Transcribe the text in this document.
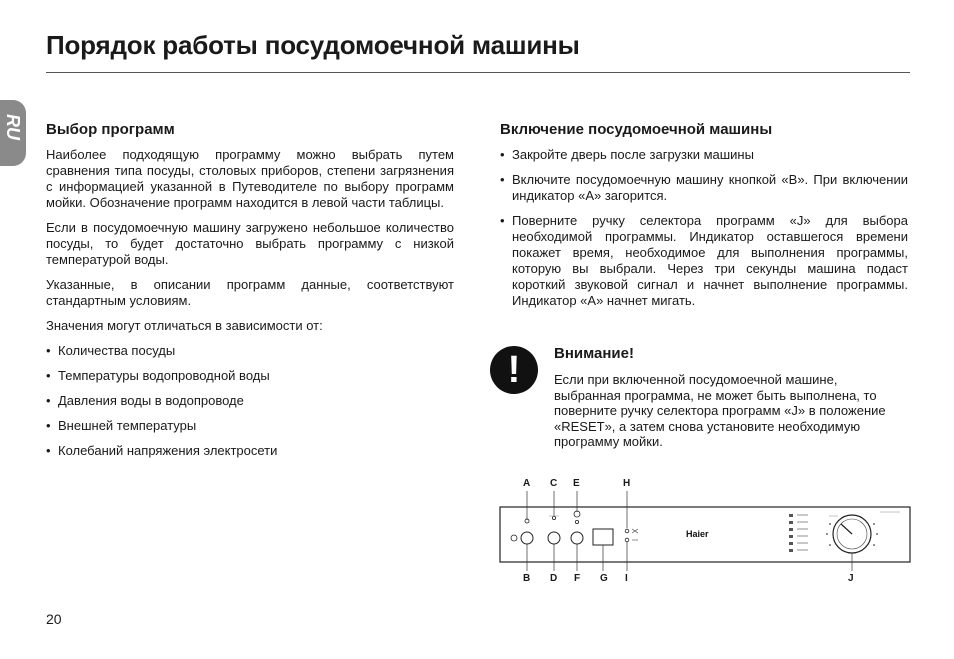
Порядок работы посудомоечной машины
RU Выбор программ

Наиболее подходящую программу можно выбрать путем сравнения типа посуды, столовых приборов, степени загрязнения с информацией указанной в Путеводителе по выбору программ мойки. Обозначение программ находится в левой части таблицы.

Если в посудомоечную машину загружено небольшое количество посуды, то будет достаточно выбрать программу с низкой температурой воды.

Указанные, в описании программ данные, соответствуют стандартным условиям.

Значения могут отличаться в зависимости от:

• Количества посуды

• Температуры водопроводной воды

• Давления воды в водопроводе

• Внешней температуры

• Колебаний напряжения электросети

Включение посудомоечной машины

• Закройте дверь после загрузки машины

• Включите посудомоечную машину кнопкой «B». При включении индикатор «A» загорится.

• Поверните ручку селектора программ «J» для выбора необходимой программы. Индикатор оставшегося времени покажет время, необходимое для выполнения программы, которую вы выбрали. Через три секунды машина подаст короткий звуковой сигнал и начнет выполнение программы. Индикатор «A» начнет мигать.

!	Внимание!

Если при включенной посудомоечной машине, выбранная программа, не может быть выполнена, то поверните ручку селектора программ «J» в положение «RESET», а затем снова установите необходимую программу мойки.

A C E	H
B D F G I	J
Haier
20
